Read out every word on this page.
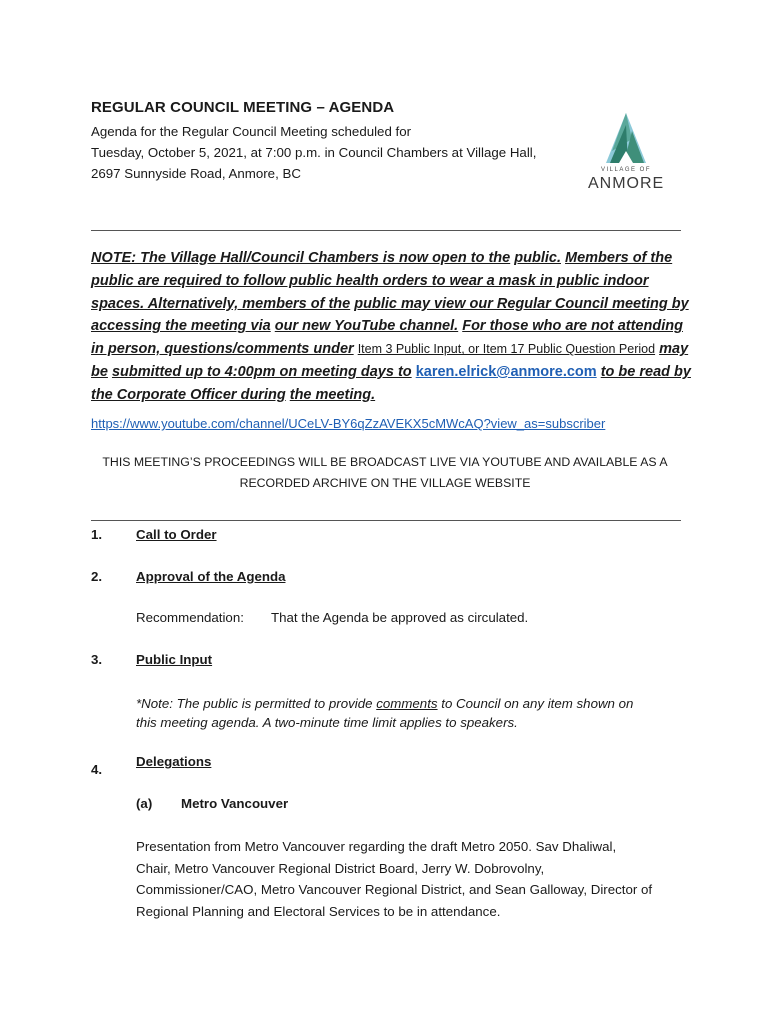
REGULAR COUNCIL MEETING – AGENDA
Agenda for the Regular Council Meeting scheduled for
Tuesday, October 5, 2021, at 7:00 p.m. in Council Chambers at Village Hall,
2697 Sunnyside Road, Anmore, BC	VILLAGE OF
ANMORE
NOTE: The Village Hall/Council Chambers is now open to the public. Members of the public are required to follow public health orders to wear a mask in public indoor spaces. Alternatively, members of the public may view our Regular Council meeting by accessing the meeting via our new YouTube channel. For those who are not attending in person, questions/comments under Item 3 Public Input, or Item 17 Public Question Period may be submitted up to 4:00pm on meeting days to karen.elrick@anmore.com to be read by the Corporate Officer during the meeting.
https://www.youtube.com/channel/UCeLV-BY6qZzAVEKX5cMWcAQ?view_as=subscriber
THIS MEETING’S PROCEEDINGS WILL BE BROADCAST LIVE VIA YOUTUBE AND AVAILABLE AS A
RECORDED ARCHIVE ON THE VILLAGE WEBSITE
1.	Call to Order
2.	Approval of the Agenda
Recommendation: That the Agenda be approved as circulated.
3.	Public Input
*Note: The public is permitted to provide comments to Council on any item shown on
this meeting agenda. A two-minute time limit applies to speakers.
4.
Delegations
(a) Metro Vancouver
Presentation from Metro Vancouver regarding the draft Metro 2050. Sav Dhaliwal,
Chair, Metro Vancouver Regional District Board, Jerry W. Dobrovolny,
Commissioner/CAO, Metro Vancouver Regional District, and Sean Galloway, Director of
Regional Planning and Electoral Services to be in attendance.
